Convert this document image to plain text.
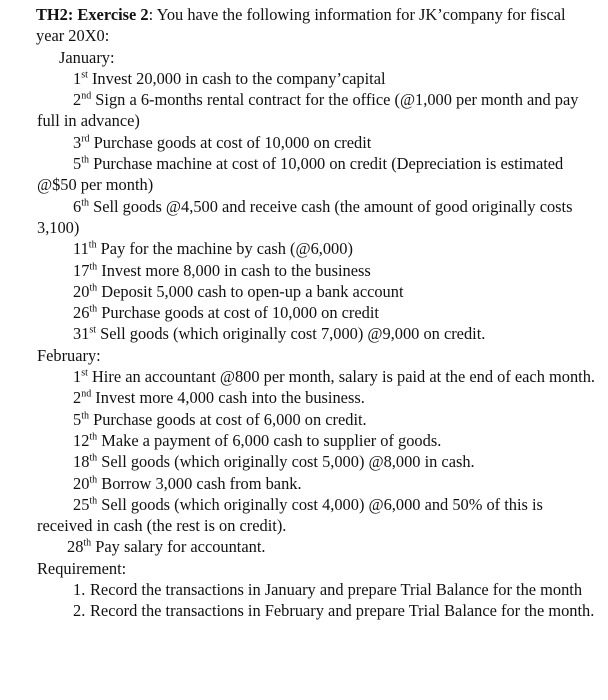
TH2: Exercise 2: You have the following information for JK’company for fiscal year 20X0:
January:
1st Invest 20,000 in cash to the company’capital
2nd Sign a 6-months rental contract for the office (@1,000 per month and pay full in advance)
3rd Purchase goods at cost of 10,000 on credit
5th Purchase machine at cost of 10,000 on credit (Depreciation is estimated @$50 per month)
6th Sell goods @4,500 and receive cash (the amount of good originally costs 3,100)
11th Pay for the machine by cash (@6,000)
17th Invest more 8,000 in cash to the business
20th Deposit 5,000 cash to open-up a bank account
26th Purchase goods at cost of 10,000 on credit
31st Sell goods (which originally cost 7,000) @9,000 on credit.
February:
1st Hire an accountant @800 per month, salary is paid at the end of each month.
2nd Invest more 4,000 cash into the business.
5th Purchase goods at cost of 6,000 on credit.
12th Make a payment of 6,000 cash to supplier of goods.
18th Sell goods (which originally cost 5,000) @8,000 in cash.
20th Borrow 3,000 cash from bank.
25th Sell goods (which originally cost 4,000) @6,000 and 50% of this is received in cash (the rest is on credit).
28th Pay salary for accountant.
Requirement:
1. Record the transactions in January and prepare Trial Balance for the month
2. Record the transactions in February and prepare Trial Balance for the month.
